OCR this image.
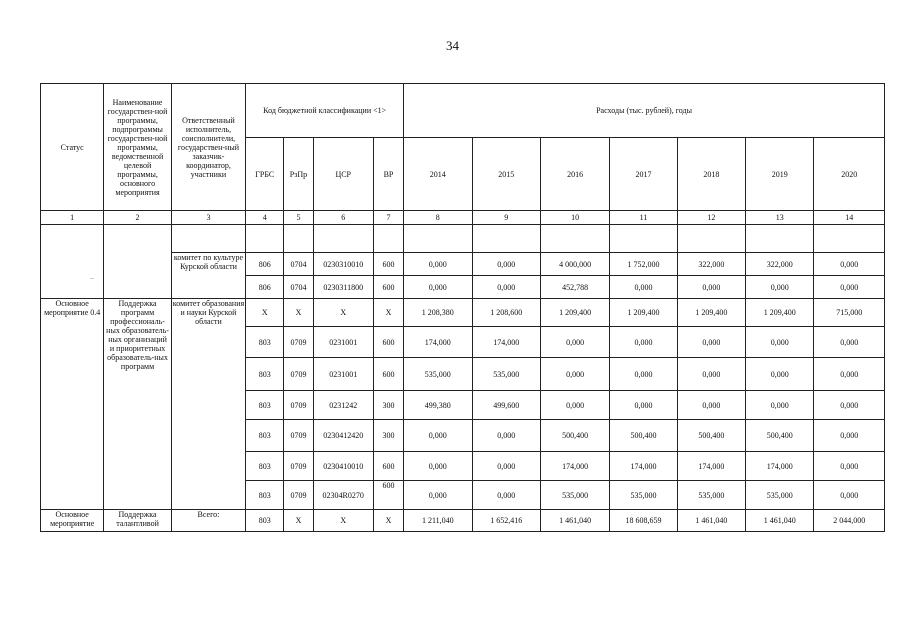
34
..
Статус	Наименование государствен-ной программы, подпрограммы государствен-ной программы, ведомственной целевой программы, основного мероприятия	Ответственный исполнитель, соисполнители, государствен-ный заказчик-координатор, участники	Код бюджетной классификации <1>				Расходы (тыс. рублей), годы						
			ГРБС	РзПр	ЦСР	ВР	2014	2015	2016	2017	2018	2019	2020
1	2	3	4	5	6	7	8	9	10	11	12	13	14

		комитет по культуре Курской области	806	0704	0230310010	600	0,000	0,000	4 000,000	1 752,000	322,000	322,000	0,000
			806	0704	0230311800	600	0,000	0,000	452,788	0,000	0,000	0,000	0,000
Основное мероприятие 0.4	Поддержка программ профессиональ-ных образователь-ных организаций и приоритетных образователь-ных программ	комитет образования и науки Курской области	X	X	X	X	1 208,380	1 208,600	1 209,400	1 209,400	1 209,400	1 209,400	715,000
			803	0709	0231001	600	174,000	174,000	0,000	0,000	0,000	0,000	0,000
			803	0709	0231001	600	535,000	535,000	0,000	0,000	0,000	0,000	0,000
			803	0709	0231242	300	499,380	499,600	0,000	0,000	0,000	0,000	0,000
			803	0709	0230412420	300	0,000	0,000	500,400	500,400	500,400	500,400	0,000
			803	0709	0230410010	600	0,000	0,000	174,000	174,000	174,000	174,000	0,000
			803	0709	02304R0270	600	0,000	0,000	535,000	535,000	535,000	535,000	0,000
Основное мероприятие	Поддержка талантливой	Всего:	803	X	X	X	1 211,040	1 652,416	1 461,040	18 608,659	1 461,040	1 461,040	2 044,000
